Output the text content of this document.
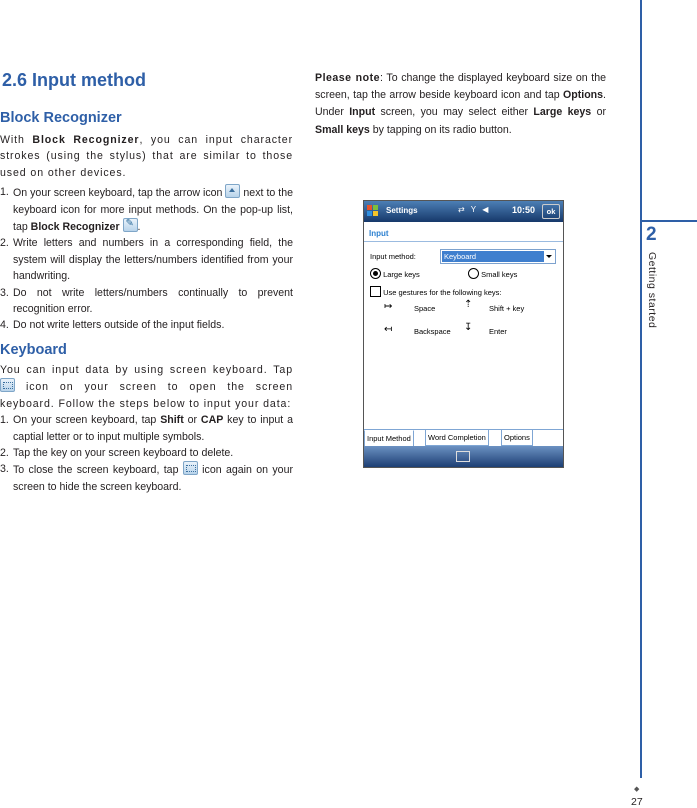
2.6 Input method
Block Recognizer

With Block Recognizer, you can input character strokes (using the stylus) that are similar to those used on other devices.

1. On your screen keyboard, tap the arrow icon  next to the keyboard icon for more input methods. On the pop-up list, tap Block Recognizer ✎ .
2. Write letters and numbers in a corresponding field, the system will display the letters/numbers identified from your handwriting.
3. Do not write letters/numbers continually to prevent recognition error.
4. Do not write letters outside of the input fields.
Keyboard

You can input data by using screen keyboard. Tap  icon on your screen to open the screen keyboard. Follow the steps below to input your data:

1. On your screen keyboard, tap Shift or CAP key to input a captial letter or to input multiple symbols.
2. Tap the key on your screen keyboard to delete.
3. To close the screen keyboard, tap  icon again on your screen to hide the screen keyboard.

Please note: To change the displayed keyboard size on the screen, tap the arrow beside keyboard icon and tap Options. Under Input screen, you may select either Large keys or Small keys by tapping on its radio button.

Settings	⇄ Y ◀ 10:50	ok
Input
Input method:	Keyboard
Large keys	Small keys
Use gestures for the following keys:
↦	Space	⇡ Shift + key
↤	Backspace ↧ Enter
Input Method	Word Completion	Options
2
Getting started
◆
27
